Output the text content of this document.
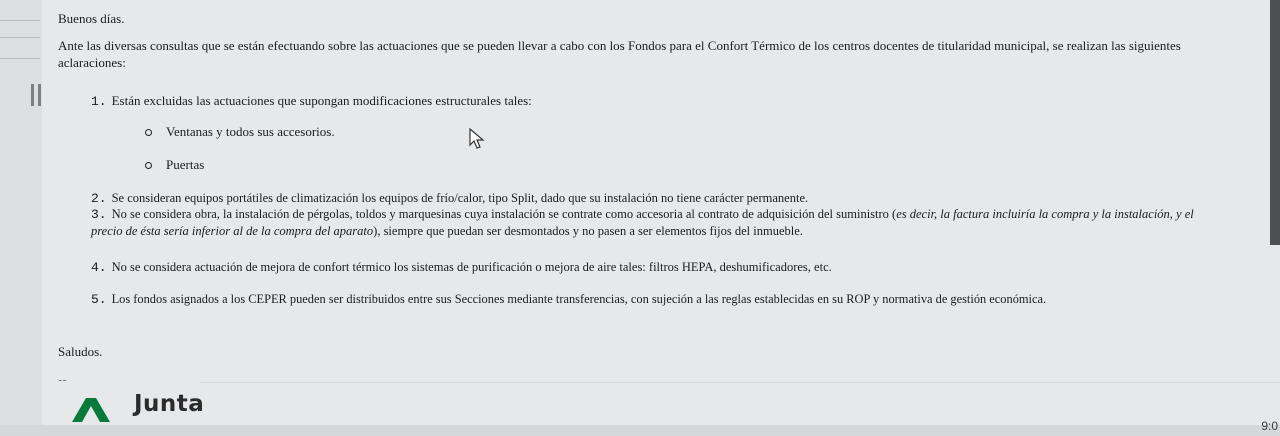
Buenos días.
Ante las diversas consultas que se están efectuando sobre las actuaciones que se pueden llevar a cabo con los Fondos para el Confort Térmico de los centros docentes de titularidad municipal, se realizan las siguientes aclaraciones:
1. Están excluidas las actuaciones que supongan modificaciones estructurales tales:
Ventanas y todos sus accesorios.
Puertas
2. Se consideran equipos portátiles de climatización los equipos de frío/calor, tipo Split, dado que su instalación no tiene carácter permanente.
3. No se considera obra, la instalación de pérgolas, toldos y marquesinas cuya instalación se contrate como accesoria al contrato de adquisición del suministro (es decir, la factura incluiría la compra y la instalación, y el precio de ésta sería inferior al de la compra del aparato), siempre que puedan ser desmontados y no pasen a ser elementos fijos del inmueble.
4. No se considera actuación de mejora de confort térmico los sistemas de purificación o mejora de aire tales: filtros HEPA, deshumificadores, etc.
5. Los fondos asignados a los CEPER pueden ser distribuidos entre sus Secciones mediante transferencias, con sujeción a las reglas establecidas en su ROP y normativa de gestión económica.
Saludos.
--
Junta
9:0
